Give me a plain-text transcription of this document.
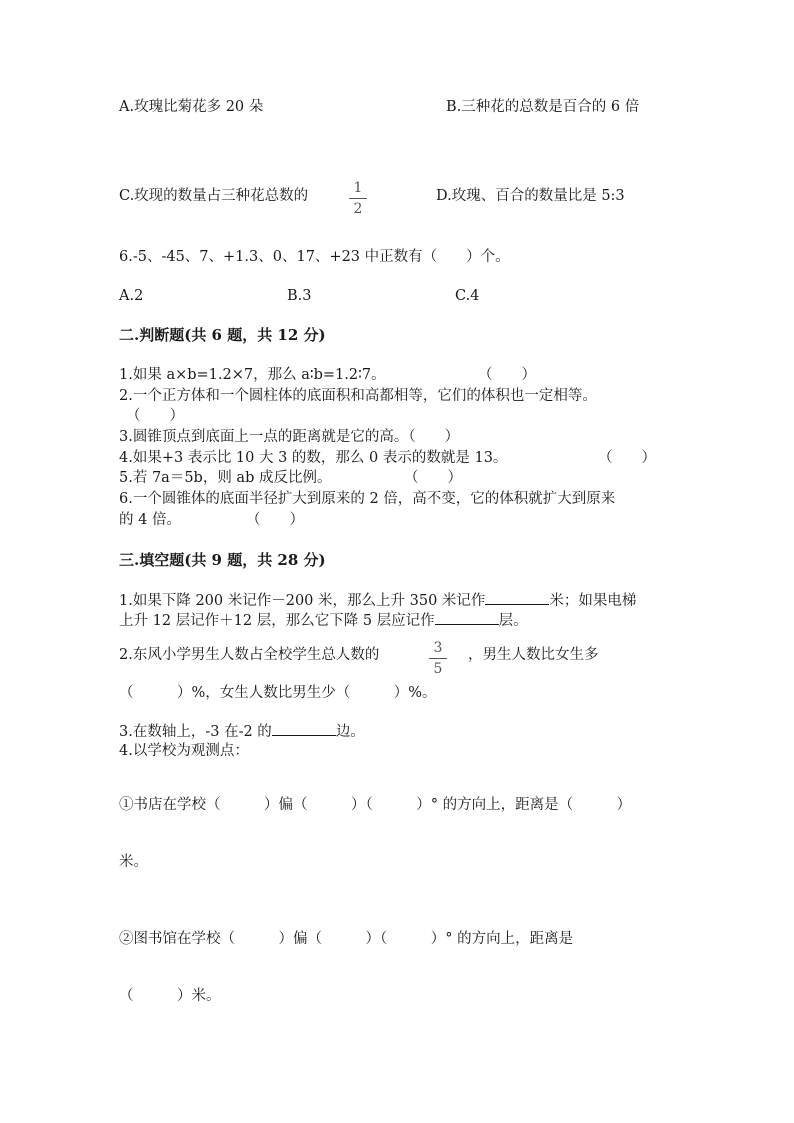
A.玫瑰比菊花多 20 朵	B.三种花的总数是百合的 6 倍
C.玫现的数量占三种花总数的	1
2
D.玫瑰、百合的数量比是 5:3
6.-5、-45、7、+1.3、0、17、+23 中正数有（　　）个。
A.2	B.3	C.4
二.判断题(共 6 题，共 12 分)
1.如果 a×b=1.2×7，那么 a∶b=1.2∶7。	（　　）
2.一个正方体和一个圆柱体的底面积和高都相等，它们的体积也一定相等。
（　　）
3.圆锥顶点到底面上一点的距离就是它的高。（　　）
4.如果+3 表示比 10 大 3 的数，那么 0 表示的数就是 13。	（　　）
5.若 7a＝5b，则 ab 成反比例。	（　　）
6.一个圆锥体的底面半径扩大到原来的 2 倍，高不变，它的体积就扩大到原来
的 4 倍。	（　　）
三.填空题(共 9 题，共 28 分)
1.如果下降 200 米记作－200 米，那么上升 350 米记作	米；如果电梯
上升 12 层记作＋12 层，那么它下降 5 层应记作	层。
2.东风小学男生人数占全校学生总人数的	3
5
，男生人数比女生多
（　　　）%，女生人数比男生少（　　　）%。
3.在数轴上，-3 在-2 的	边。
4.以学校为观测点：
①书店在学校（　　　）偏（　　　）（　　　）° 的方向上，距离是（　　　）
米。
②图书馆在学校（　　　）偏（　　　）（　　　）° 的方向上，距离是
（　　　）米。
